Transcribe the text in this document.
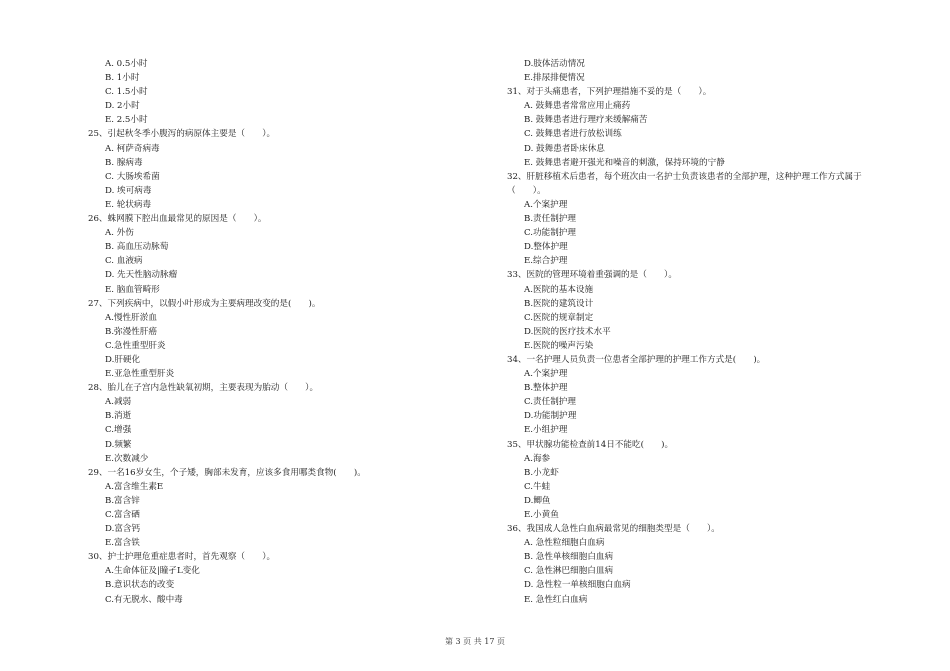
A. 0.5小时
B. 1小时
C. 1.5小时
D. 2小时
E. 2.5小时
25、引起秋冬季小腹泻的病原体主要是（　　）。
A. 柯萨奇病毒
B. 腺病毒
C. 大肠埃希菌
D. 埃可病毒
E. 轮状病毒
26、蛛网膜下腔出血最常见的原因是（　　）。
A. 外伤
B. 高血压动脉萄
C. 血液病
D. 先天性脑动脉瘤
E. 脑血管畸形
27、下列疾病中，以假小叶形成为主要病理改变的是(　　)。
A.慢性肝淤血
B.弥漫性肝癌
C.急性重型肝炎
D.肝硬化
E.亚急性重型肝炎
28、胎儿在子宫内急性缺氧初期，主要表现为胎动（　　）。
A.减弱
B.消逝
C.增强
D.频繁
E.次数减少
29、一名16岁女生，个子矮，胸部未发育，应该多食用哪类食物(　　)。
A.富含维生素E
B.富含锌
C.富含硒
D.富含钙
E.富含铁
30、护士护理危重症患者时，首先观察（　　）。
A.生命体征及|瞳孑L变化
B.意识状态的改变
C.有无脱水、酸中毒
D.肢体活动情况
E.排尿排便情况
31、对于头痛患者，下列护理措施不妥的是（　　）。
A. 鼓舞患者常常应用止痛药
B. 鼓舞患者进行理疗来缓解痛苦
C. 鼓舞患者进行放松训练
D. 鼓舞患者卧床休息
E. 鼓舞患者避开强光和噪音的刺激，保持环境的宁静
32、肝脏移植术后患者，每个班次由一名护士负责该患者的全部护理，这种护理工作方式属于
（　　）。
A.个案护理
B.责任制护理
C.功能制护理
D.整体护理
E.综合护理
33、医院的管理环境着重强调的是（　　）。
A.医院的基本设施
B.医院的建筑设计
C.医院的规章制定
D.医院的医疗技术水平
E.医院的噪声污染
34、一名护理人员负责一位患者全部护理的护理工作方式是(　　)。
A.个案护理
B.整体护理
C.责任制护理
D.功能制护理
E.小组护理
35、甲状腺功能检查前14日不能吃(　　)。
A.海参
B.小龙虾
C.牛蛙
D.鲫鱼
E.小黄鱼
36、我国成人急性白血病最常见的细胞类型是（　　）。
A. 急性粒细胞白血病
B. 急性单核细胞白血病
C. 急性淋巴细胞白皿病
D. 急性粒一单核细胞白血病
E. 急性红白血病
第 3 页 共 17 页
